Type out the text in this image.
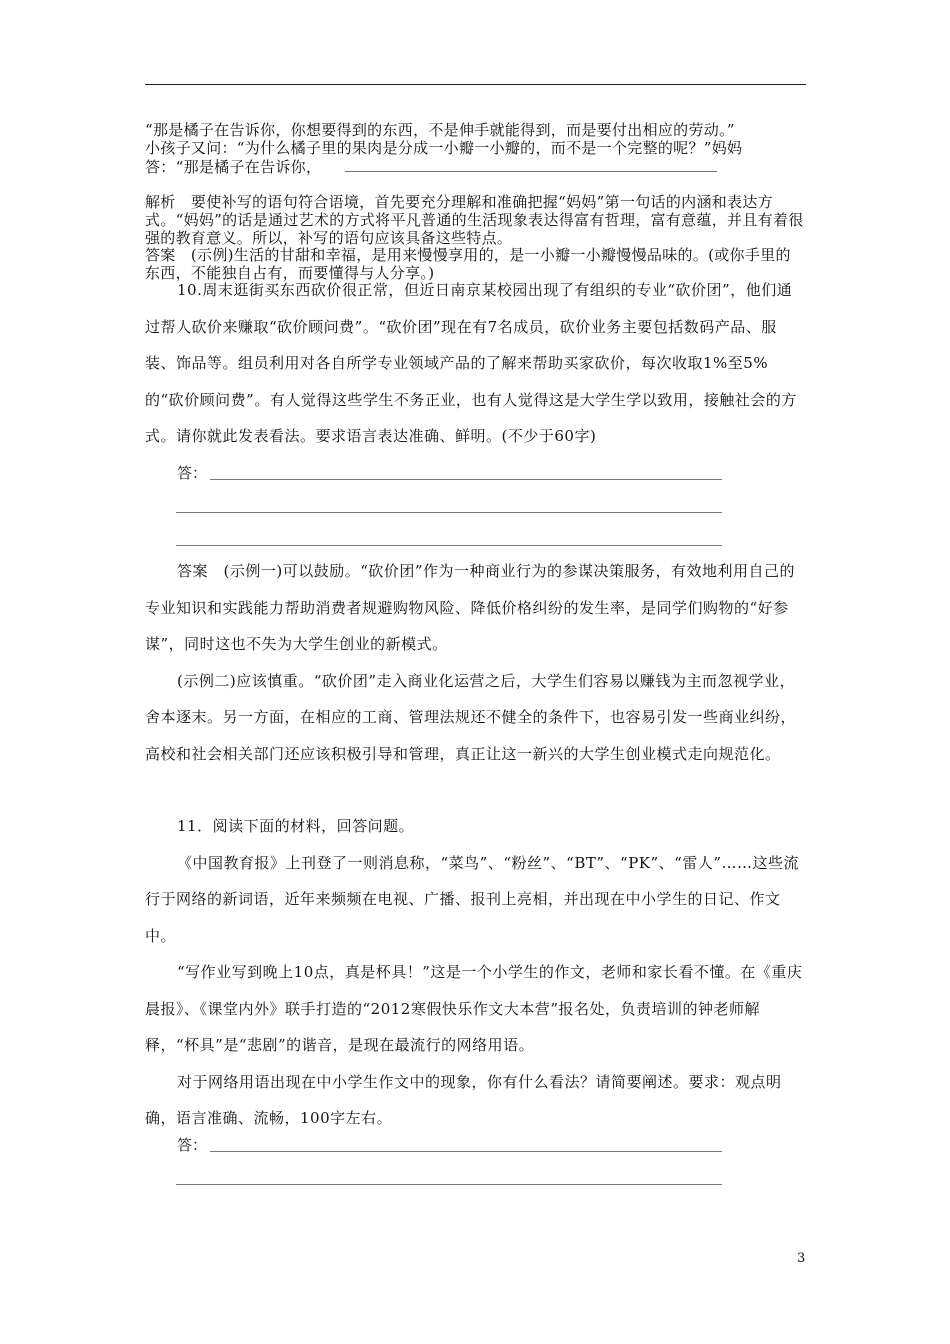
“那是橘子在告诉你，你想要得到的东西，不是伸手就能得到，而是要付出相应的劳动。”

小孩子又问：“为什么橘子里的果肉是分成一小瓣一小瓣的，而不是一个完整的呢？”妈妈

答：“那是橘子在告诉你，

解析　要使补写的语句符合语境，首先要充分理解和准确把握“妈妈”第一句话的内涵和表达方式。“妈妈”的话是通过艺术的方式将平凡普通的生活现象表达得富有哲理，富有意蕴，并且有着很强的教育意义。所以，补写的语句应该具备这些特点。

答案　(示例)生活的甘甜和幸福，是用来慢慢享用的，是一小瓣一小瓣慢慢品味的。(或你手里的东西，不能独自占有，而要懂得与人分享。)

10.周末逛街买东西砍价很正常，但近日南京某校园出现了有组织的专业“砍价团”，他们通过帮人砍价来赚取“砍价顾问费”。“砍价团”现在有7名成员，砍价业务主要包括数码产品、服装、饰品等。组员利用对各自所学专业领域产品的了解来帮助买家砍价，每次收取1%至5%的“砍价顾问费”。有人觉得这些学生不务正业，也有人觉得这是大学生学以致用，接触社会的方式。请你就此发表看法。要求语言表达准确、鲜明。(不少于60字)

答：

答案　(示例一)可以鼓励。“砍价团”作为一种商业行为的参谋决策服务，有效地利用自己的专业知识和实践能力帮助消费者规避购物风险、降低价格纠纷的发生率，是同学们购物的“好参谋”，同时这也不失为大学生创业的新模式。

(示例二)应该慎重。“砍价团”走入商业化运营之后，大学生们容易以赚钱为主而忽视学业，舍本逐末。另一方面，在相应的工商、管理法规还不健全的条件下，也容易引发一些商业纠纷，高校和社会相关部门还应该积极引导和管理，真正让这一新兴的大学生创业模式走向规范化。

11．阅读下面的材料，回答问题。

《中国教育报》上刊登了一则消息称，“菜鸟”、“粉丝”、“BT”、“PK”、“雷人”……这些流行于网络的新词语，近年来频频在电视、广播、报刊上亮相，并出现在中小学生的日记、作文中。

“写作业写到晚上10点，真是杯具！”这是一个小学生的作文，老师和家长看不懂。在《重庆晨报》、《课堂内外》联手打造的“2012寒假快乐作文大本营”报名处，负责培训的钟老师解释，“杯具”是“悲剧”的谐音，是现在最流行的网络用语。

对于网络用语出现在中小学生作文中的现象，你有什么看法？请简要阐述。要求：观点明确，语言准确、流畅，100字左右。

答：
3
